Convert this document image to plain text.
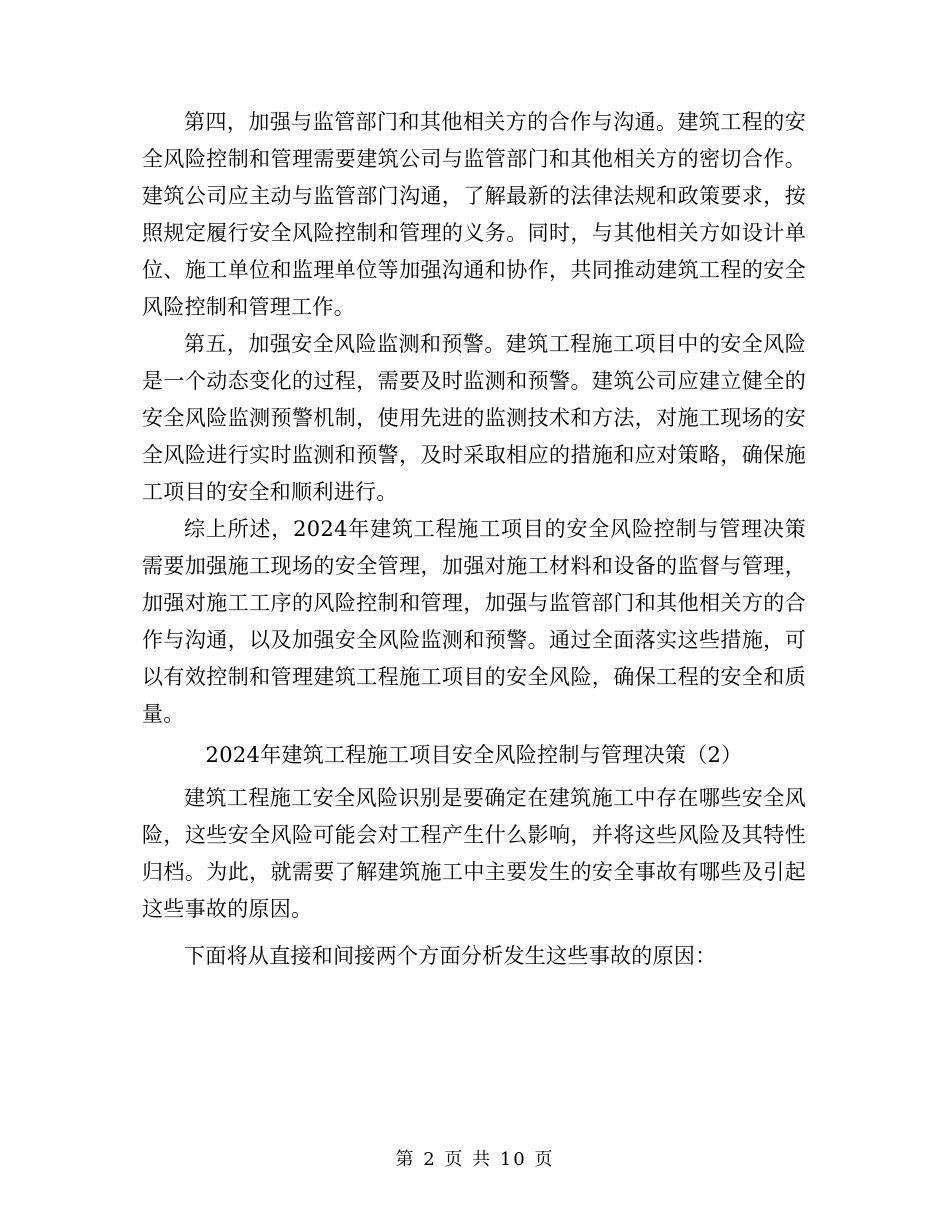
第四，加强与监管部门和其他相关方的合作与沟通。建筑工程的安全风险控制和管理需要建筑公司与监管部门和其他相关方的密切合作。建筑公司应主动与监管部门沟通，了解最新的法律法规和政策要求，按照规定履行安全风险控制和管理的义务。同时，与其他相关方如设计单位、施工单位和监理单位等加强沟通和协作，共同推动建筑工程的安全风险控制和管理工作。

第五，加强安全风险监测和预警。建筑工程施工项目中的安全风险是一个动态变化的过程，需要及时监测和预警。建筑公司应建立健全的安全风险监测预警机制，使用先进的监测技术和方法，对施工现场的安全风险进行实时监测和预警，及时采取相应的措施和应对策略，确保施工项目的安全和顺利进行。

综上所述，2024年建筑工程施工项目的安全风险控制与管理决策需要加强施工现场的安全管理，加强对施工材料和设备的监督与管理，加强对施工工序的风险控制和管理，加强与监管部门和其他相关方的合作与沟通，以及加强安全风险监测和预警。通过全面落实这些措施，可以有效控制和管理建筑工程施工项目的安全风险，确保工程的安全和质量。

2024年建筑工程施工项目安全风险控制与管理决策（2）

建筑工程施工安全风险识别是要确定在建筑施工中存在哪些安全风险，这些安全风险可能会对工程产生什么影响，并将这些风险及其特性归档。为此，就需要了解建筑施工中主要发生的安全事故有哪些及引起这些事故的原因。

下面将从直接和间接两个方面分析发生这些事故的原因：

第 2 页 共 10 页
